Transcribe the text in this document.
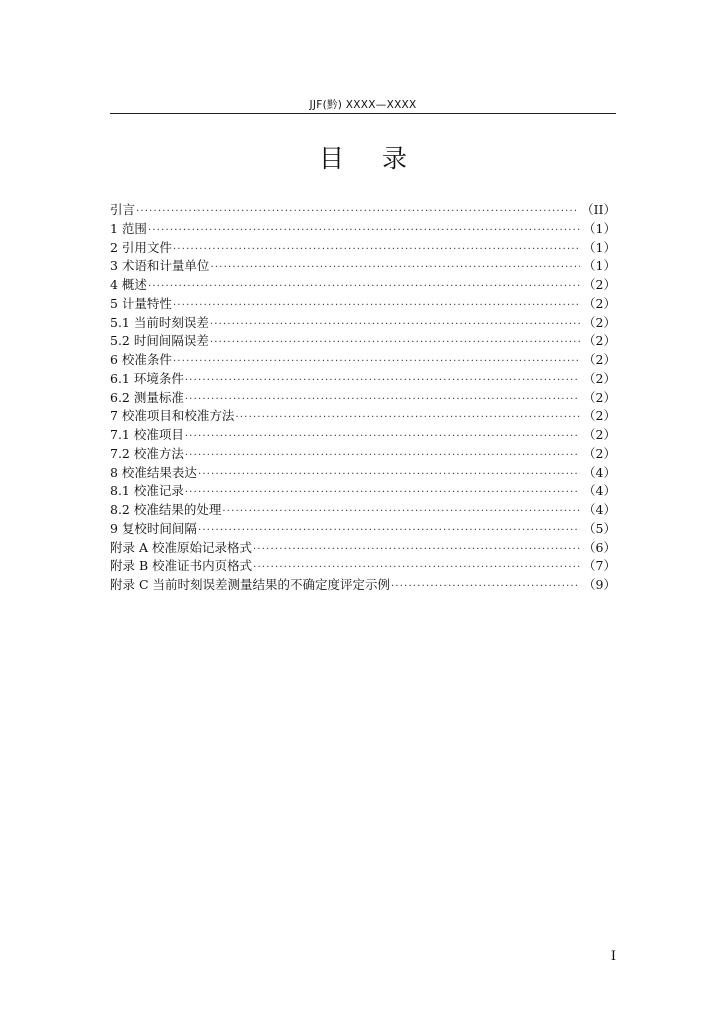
JJF(黔) XXXX—XXXX
目录
引言 ·····	（II）
1 范围 ·····	（1）
2 引用文件 ·····	（1）
3 术语和计量单位 ·····	（1）
4 概述 ·····	（2）
5 计量特性 ·····	（2）
5.1 当前时刻误差 ·····	（2）
5.2 时间间隔误差 ·····	（2）
6 校准条件 ·····	（2）
6.1 环境条件 ·····	（2）
6.2 测量标准 ·····	（2）
7 校准项目和校准方法 ·····	（2）
7.1 校准项目 ·····	（2）
7.2 校准方法 ·····	（2）
8 校准结果表达 ·····	（4）
8.1 校准记录 ·····	（4）
8.2 校准结果的处理 ·····	（4）
9 复校时间间隔 ·····	（5）
附录 A 校准原始记录格式 ·····	（6）
附录 B 校准证书内页格式 ·····	（7）
附录 C 当前时刻误差测量结果的不确定度评定示例 ·····	（9）
I
